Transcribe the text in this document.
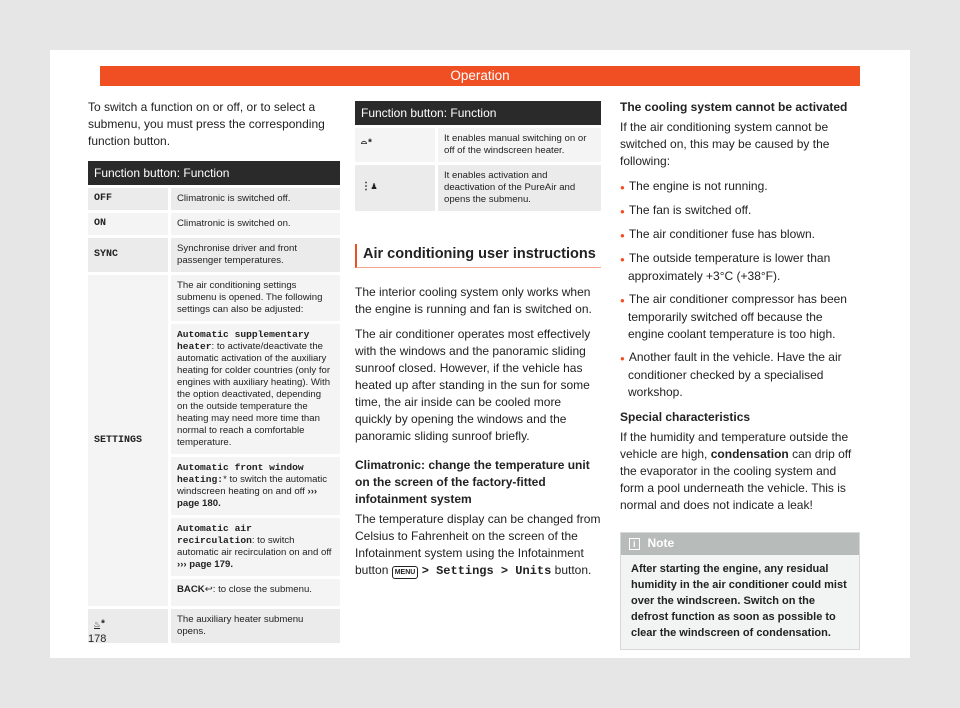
Operation

To switch a function on or off, or to select a submenu, you must press the corresponding function button.

Function button: Function	
OFF	Climatronic is switched off.
ON	Climatronic is switched on.
SYNC	Synchronise driver and front passenger temperatures.
SETTINGS	The air conditioning settings submenu is opened. The following settings can also be adjusted:
Automatic supplementary heater: to activate/deactivate the automatic activation of the auxiliary heating for colder countries (only for engines with auxiliary heating). With the option deactivated, depending on the outside temperature the heating may need more time than normal to reach a comfortable temperature.
Automatic front window heating:* to switch the automatic windscreen heating on and off ››› page 180.
Automatic air recirculation: to switch automatic air recirculation on and off ››› page 179.
BACK↩: to close the submenu.

♨*	The auxiliary heater submenu opens.
Function button: Function	
⌓*	It enables manual switching on or off of the windscreen heater.
⋮♟	It enables activation and deactivation of the PureAir and opens the submenu.
Air conditioning user instructions

The interior cooling system only works when the engine is running and fan is switched on.

The air conditioner operates most effectively with the windows and the panoramic sliding sunroof closed. However, if the vehicle has heated up after standing in the sun for some time, the air inside can be cooled more quickly by opening the windows and the panoramic sliding sunroof briefly.

Climatronic: change the temperature unit on the screen of the factory-fitted infotainment system

The temperature display can be changed from Celsius to Fahrenheit on the screen of the Infotainment system using the Infotainment button MENU > Settings > Units button.

The cooling system cannot be activated

If the air conditioning system cannot be switched on, this may be caused by the following:

● The engine is not running.
● The fan is switched off.
● The air conditioner fuse has blown.
● The outside temperature is lower than approximately +3°C (+38°F).
● The air conditioner compressor has been temporarily switched off because the engine coolant temperature is too high.
● Another fault in the vehicle. Have the air conditioner checked by a specialised workshop.
Special characteristics

If the humidity and temperature outside the vehicle are high, condensation can drip off the evaporator in the cooling system and form a pool underneath the vehicle. This is normal and does not indicate a leak!

i Note
After starting the engine, any residual humidity in the air conditioner could mist over the windscreen. Switch on the defrost function as soon as possible to clear the windscreen of condensation.
178
